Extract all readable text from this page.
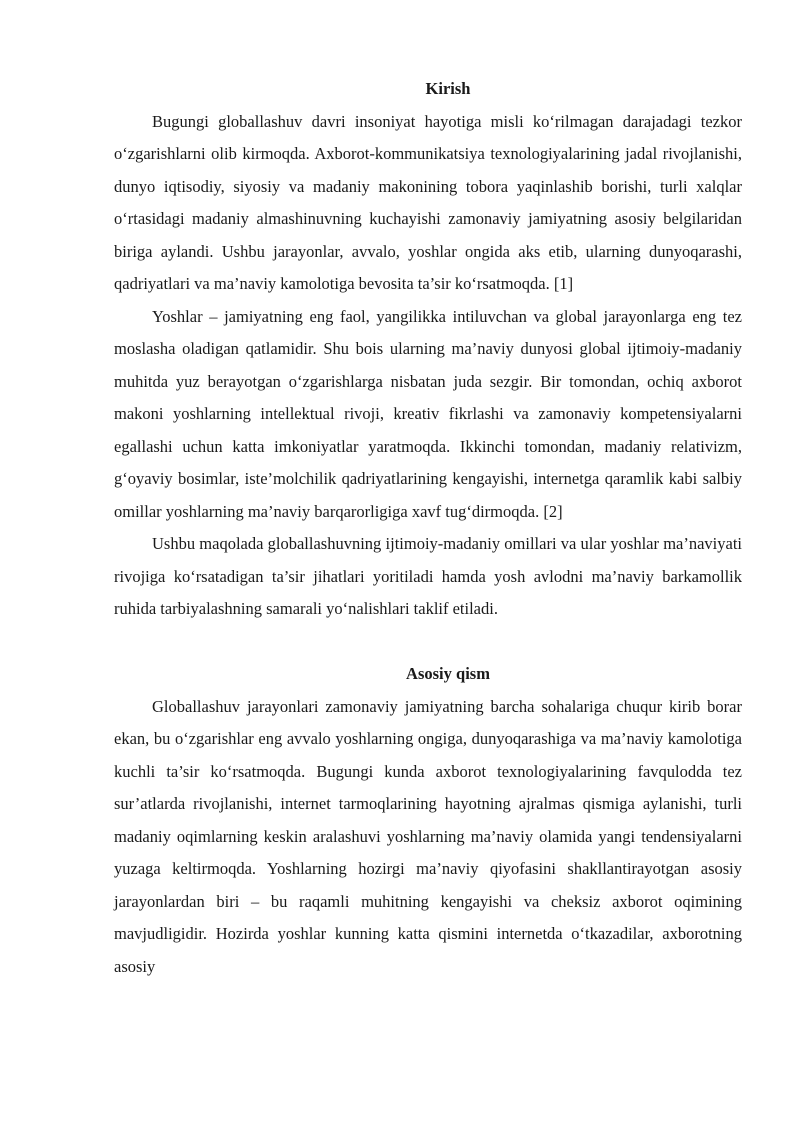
Kirish

Bugungi globallashuv davri insoniyat hayotiga misli ko‘rilmagan darajadagi tezkor o‘zgarishlarni olib kirmoqda. Axborot-kommunikatsiya texnologiyalarining jadal rivojlanishi, dunyo iqtisodiy, siyosiy va madaniy makonining tobora yaqinlashib borishi, turli xalqlar o‘rtasidagi madaniy almashinuvning kuchayishi zamonaviy jamiyatning asosiy belgilaridan biriga aylandi. Ushbu jarayonlar, avvalo, yoshlar ongida aks etib, ularning dunyoqarashi, qadriyatlari va ma’naviy kamolotiga bevosita ta’sir ko‘rsatmoqda. [1]

Yoshlar – jamiyatning eng faol, yangilikka intiluvchan va global jarayonlarga eng tez moslasha oladigan qatlamidir. Shu bois ularning ma’naviy dunyosi global ijtimoiy-madaniy muhitda yuz berayotgan o‘zgarishlarga nisbatan juda sezgir. Bir tomondan, ochiq axborot makoni yoshlarning intellektual rivoji, kreativ fikrlashi va zamonaviy kompetensiyalarni egallashi uchun katta imkoniyatlar yaratmoqda. Ikkinchi tomondan, madaniy relativizm, g‘oyaviy bosimlar, iste’molchilik qadriyatlarining kengayishi, internetga qaramlik kabi salbiy omillar yoshlarning ma’naviy barqarorligiga xavf tug‘dirmoqda. [2]

Ushbu maqolada globallashuvning ijtimoiy-madaniy omillari va ular yoshlar ma’naviyati rivojiga ko‘rsatadigan ta’sir jihatlari yoritiladi hamda yosh avlodni ma’naviy barkamollik ruhida tarbiyalashning samarali yo‘nalishlari taklif etiladi.

Asosiy qism

Globallashuv jarayonlari zamonaviy jamiyatning barcha sohalariga chuqur kirib borar ekan, bu o‘zgarishlar eng avvalo yoshlarning ongiga, dunyoqarashiga va ma’naviy kamolotiga kuchli ta’sir ko‘rsatmoqda. Bugungi kunda axborot texnologiyalarining favqulodda tez sur’atlarda rivojlanishi, internet tarmoqlarining hayotning ajralmas qismiga aylanishi, turli madaniy oqimlarning keskin aralashuvi yoshlarning ma’naviy olamida yangi tendensiyalarni yuzaga keltirmoqda. Yoshlarning hozirgi ma’naviy qiyofasini shakllantirayotgan asosiy jarayonlardan biri – bu raqamli muhitning kengayishi va cheksiz axborot oqimining mavjudligidir. Hozirda yoshlar kunning katta qismini internetda o‘tkazadilar, axborotning asosiy
